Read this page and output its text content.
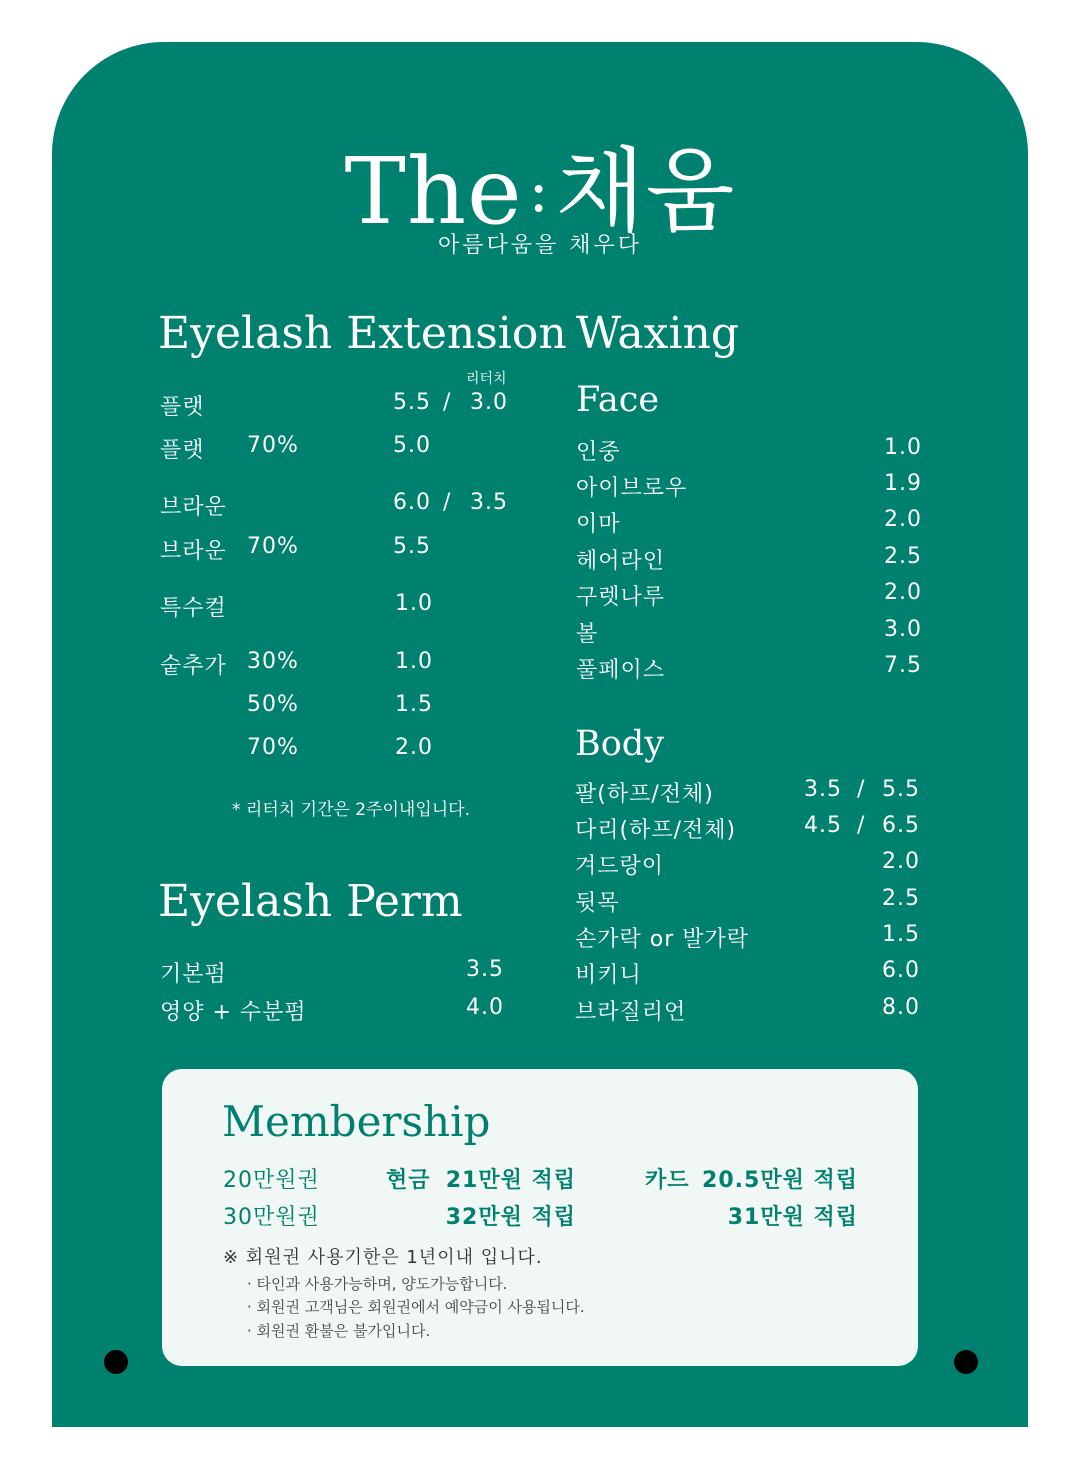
The :채움
아름다움을 채우다
Eyelash Extension
리터치
플랫	5.5 / 3.0
플랫 70%	5.0
브라운	6.0 / 3.5
브라운 70%	5.5
특수컬	1.0
숱추가 30%	1.0
50%	1.5
70%	2.0
* 리터치 기간은 2주이내입니다.
Eyelash Perm
기본펌	3.5
영양 + 수분펌	4.0
Waxing
Face
인중	1.0
아이브로우	1.9
이마	2.0
헤어라인	2.5
구렛나루	2.0
볼	3.0
풀페이스	7.5
Body
팔(하프/전체)	3.5 / 5.5
다리(하프/전체)	4.5 / 6.5
겨드랑이	2.0
뒷목	2.5
손가락 or 발가락	1.5
비키니	6.0
브라질리언	8.0
Membership
20만원권	현금 21만원 적립	카드 20.5만원 적립
30만원권	32만원 적립	31만원 적립
※ 회원권 사용기한은 1년이내 입니다.
· 타인과 사용가능하며, 양도가능합니다.
· 회원권 고객님은 회원권에서 예약금이 사용됩니다.
· 회원권 환불은 불가입니다.
